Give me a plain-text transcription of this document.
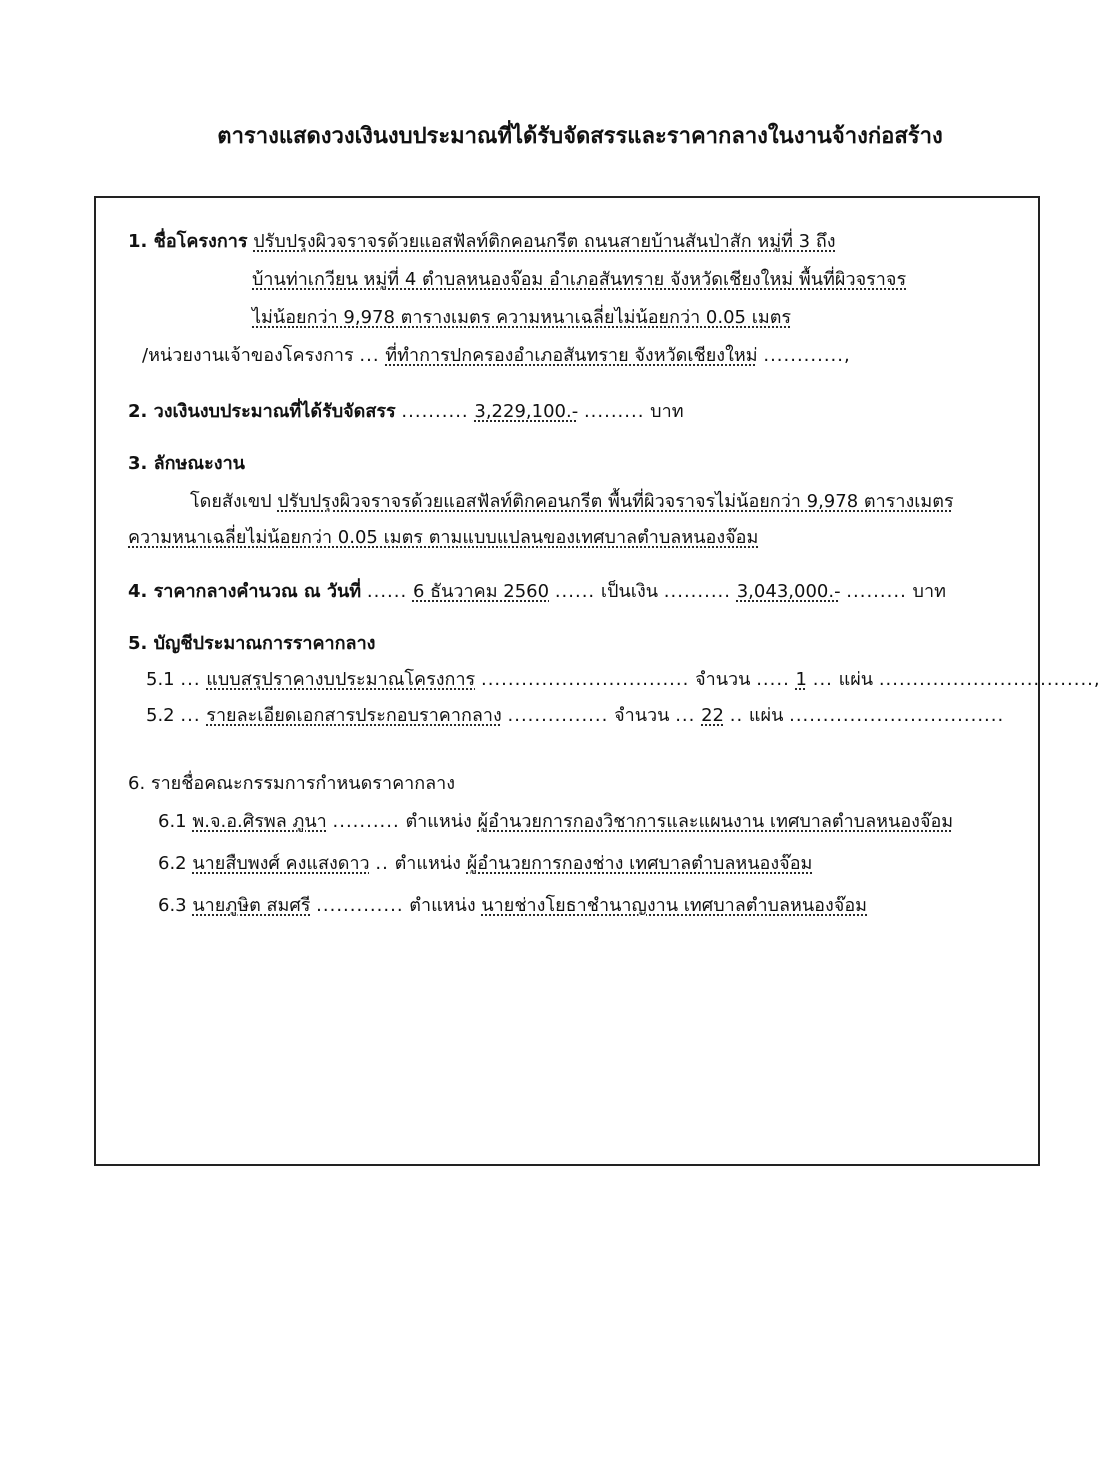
ตารางแสดงวงเงินงบประมาณที่ได้รับจัดสรรและราคากลางในงานจ้างก่อสร้าง
1. ชื่อโครงการ ปรับปรุงผิวจราจรด้วยแอสฟัลท์ติกคอนกรีต ถนนสายบ้านสันป่าสัก หมู่ที่ 3 ถึง
บ้านท่าเกวียน หมู่ที่ 4 ตำบลหนองจ๊อม อำเภอสันทราย จังหวัดเชียงใหม่ พื้นที่ผิวจราจร
ไม่น้อยกว่า 9,978 ตารางเมตร ความหนาเฉลี่ยไม่น้อยกว่า 0.05 เมตร
/หน่วยงานเจ้าของโครงการ ... ที่ทำการปกครองอำเภอสันทราย จังหวัดเชียงใหม่ ............,
2. วงเงินงบประมาณที่ได้รับจัดสรร .......... 3,229,100.- ......... บาท
3. ลักษณะงาน
โดยสังเขป ปรับปรุงผิวจราจรด้วยแอสฟัลท์ติกคอนกรีต พื้นที่ผิวจราจรไม่น้อยกว่า 9,978 ตารางเมตร
ความหนาเฉลี่ยไม่น้อยกว่า 0.05 เมตร ตามแบบแปลนของเทศบาลตำบลหนองจ๊อม
4. ราคากลางคำนวณ ณ วันที่ ...... 6 ธันวาคม 2560 ...... เป็นเงิน .......... 3,043,000.- ......... บาท
5. บัญชีประมาณการราคากลาง
5.1 ... แบบสรุปราคางบประมาณโครงการ ............................... จำนวน ..... 1 ... แผ่น ................................,
5.2 ... รายละเอียดเอกสารประกอบราคากลาง ............... จำนวน ... 22 .. แผ่น ................................
6. รายชื่อคณะกรรมการกำหนดราคากลาง
6.1 พ.จ.อ.ศิรพล ภูนา .......... ตำแหน่ง ผู้อำนวยการกองวิชาการและแผนงาน เทศบาลตำบลหนองจ๊อม
6.2 นายสืบพงศ์ คงแสงดาว .. ตำแหน่ง ผู้อำนวยการกองช่าง เทศบาลตำบลหนองจ๊อม
6.3 นายภูษิต สมศรี ............. ตำแหน่ง นายช่างโยธาชำนาญงาน เทศบาลตำบลหนองจ๊อม
